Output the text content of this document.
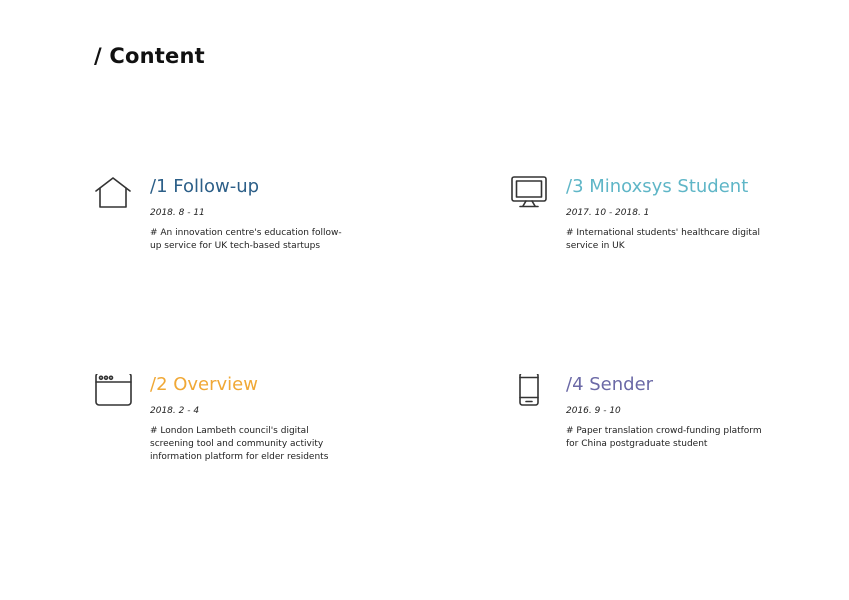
/ Content
/1 Follow-up
2018. 8 - 11
# An innovation centre's education follow-up service for UK tech-based startups
/3 Minoxsys Student
2017. 10 - 2018. 1
# International students' healthcare digital service in UK
/2 Overview
2018. 2 - 4
# London Lambeth council's digital screening tool and community activity information platform for elder residents
/4 Sender
2016. 9 - 10
# Paper translation crowd-funding platform for China postgraduate student
